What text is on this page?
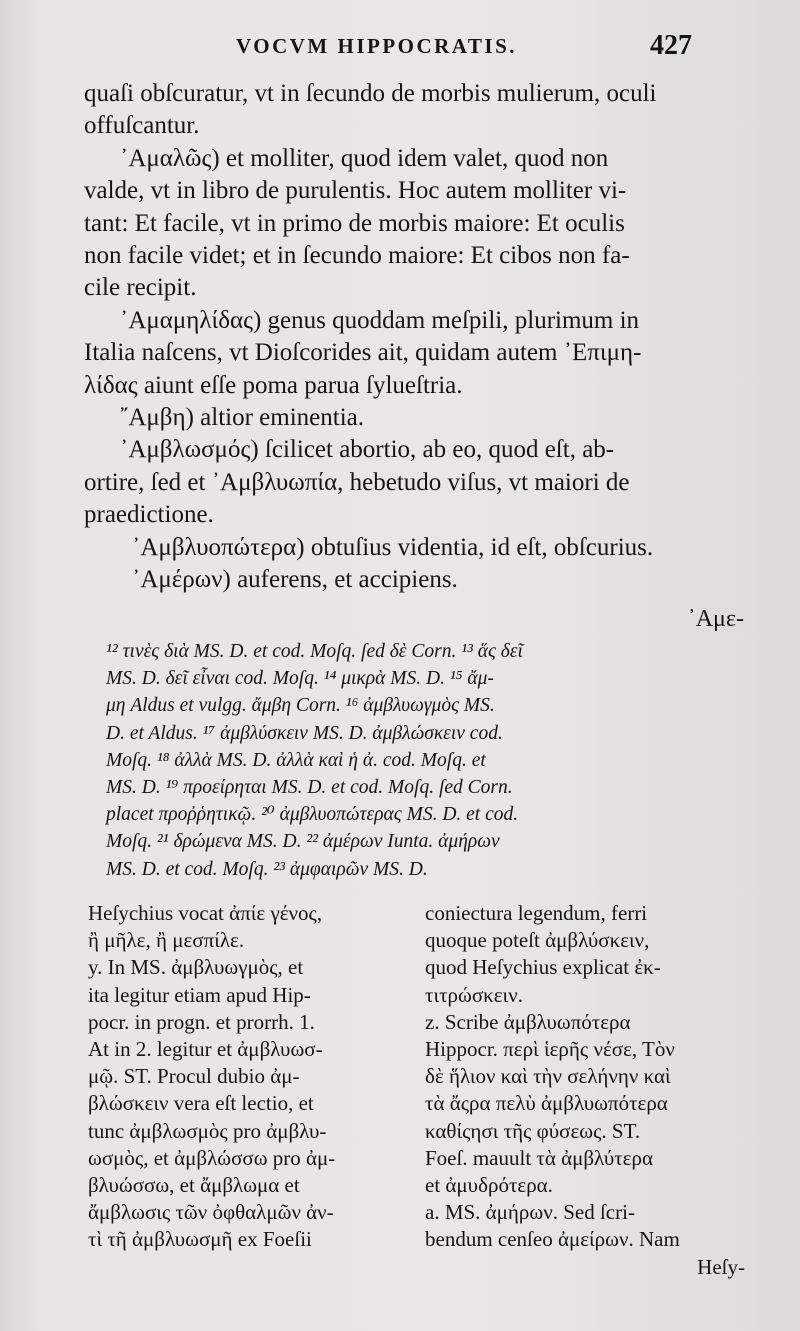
VOCVM HIPPOCRATIS.	427
quaſi obſcuratur, vt in ſecundo de morbis mulierum, oculi
offuſcantur.
᾿Αμαλῶς) et molliter, quod idem valet, quod non
valde, vt in libro de purulentis. Hoc autem molliter vi-
tant: Et facile, vt in primo de morbis maiore: Et oculis
non facile videt; et in ſecundo maiore: Et cibos non fa-
cile recipit.
᾿Αμαμηλίδας) genus quoddam meſpili, plurimum in
Italia naſcens, vt Dioſcorides ait, quidam autem ᾿Επιμη-
λίδας aiunt eſſe poma parua ſylueſtria.
῎Αμβη) altior eminentia.
᾿Αμβλωσμός) ſcilicet abortio, ab eo, quod eſt, ab-
ortire, ſed et ᾿Αμβλυωπία, hebetudo viſus, vt maiori de
praedictione.
᾿Αμβλυοπώτερα) obtuſius videntia, id eſt, obſcurius.
᾿Αμέρων) auferens, et accipiens.
᾿Αμε-
¹² τινὲς διὰ MS. D. et cod. Moſq. ſed δὲ Corn. ¹³ ἅς δεῖ
MS. D. δεῖ εἶναι cod. Moſq. ¹⁴ μικρὰ MS. D. ¹⁵ ἄμ-
μη Aldus et vulgg. ἄμβη Corn. ¹⁶ ἀμβλυωγμὸς MS.
D. et Aldus. ¹⁷ ἀμβλύσκειν MS. D. ἀμβλώσκειν cod.
Moſq. ¹⁸ ἀλλὰ MS. D. ἀλλὰ καὶ ἡ ἀ. cod. Moſq. et
MS. D. ¹⁹ προείρηται MS. D. et cod. Moſq. ſed Corn.
placet προῤῥητικῷ. ²⁰ ἀμβλυοπώτερας MS. D. et cod.
Moſq. ²¹ δρώμενα MS. D. ²² ἀμέρων Iunta. ἀμήρων
MS. D. et cod. Moſq. ²³ ἀμφαιρῶν MS. D.
Heſychius vocat ἀπίε γένος,
ἢ μῆλε, ἢ μεσπίλε.
y. In MS. ἀμβλυωγμὸς, et
ita legitur etiam apud Hip-
pocr. in progn. et prorrh. 1.
At in 2. legitur et ἀμβλυωσ-
μῷ. ST. Procul dubio ἀμ-
βλώσκειν vera eſt lectio, et
tunc ἀμβλωσμὸς pro ἀμβλυ-
ωσμὸς, et ἀμβλώσσω pro ἀμ-
βλυώσσω, et ἄμβλωμα et
ἄμβλωσις τῶν ὀφθαλμῶν ἀν-
τὶ τῆ ἀμβλυωσμῆ ex Foeſii
coniectura legendum, ferri
quoque poteſt ἀμβλύσκειν,
quod Heſychius explicat ἐκ-
τιτρώσκειν.
z. Scribe ἀμβλυωπότερα
Hippocr. περὶ ἱερῆς νέσε, Τὸν
δὲ ἥλιον καὶ τὴν σελήνην καὶ
τὰ ἄςρα πελὺ ἀμβλυωπότερα
καθίςησι τῆς φύσεως. ST.
Foeſ. mauult τὰ ἀμβλύτερα
et ἀμυδρότερα.
a. MS. ἀμήρων. Sed ſcri-
bendum cenſeo ἀμείρων. Nam
Heſy-
